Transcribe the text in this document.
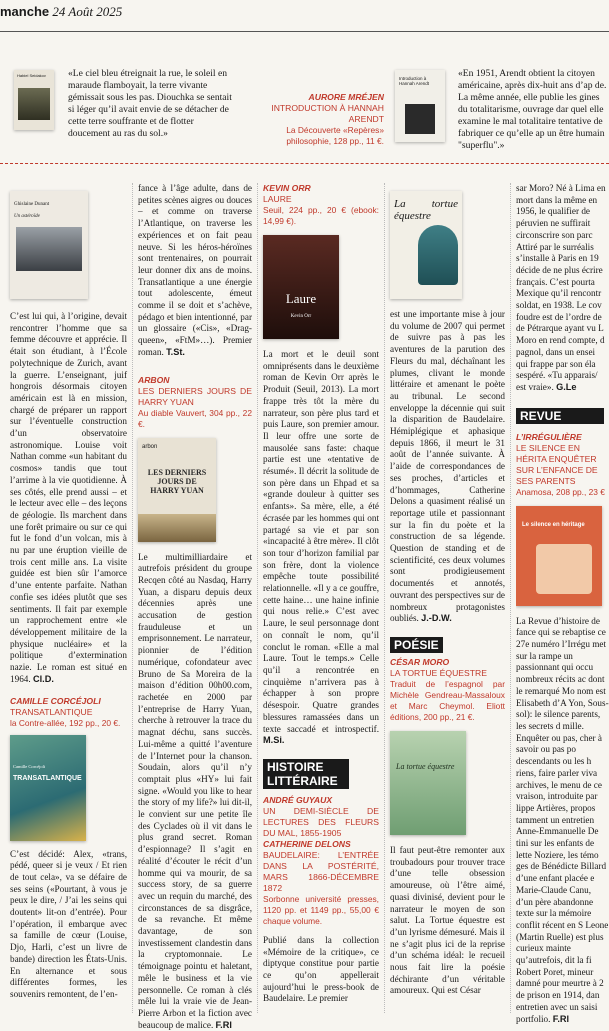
manche 24 Août 2025
Habiel Seidakov	«Le ciel bleu étreignait la rue, le soleil en maraude flamboyait, la terre vivante gémissait sous les pas. Diouchka se sentait si léger qu’il avait envie de se détacher de cette terre souffrante et de flotter doucement au ras du sol.»
AURORE MRÉJEN
INTRODUCTION À HANNAH ARENDT
La Découverte «Repères» philosophie, 128 pp., 11 €.
Introduction à Hannah Arendt
«En 1951, Arendt obtient la citoyen américaine, après dix-huit ans d’ap de. La même année, elle publie les gines du totalitarisme, ouvrage dar quel elle examine le mal totalitaire tentative de fabriquer ce qu’elle ap un être humain "superflu".»
Ghislaine Dunant
Un astéroïde

C’est lui qui, à l’origine, devait rencontrer l’homme que sa femme découvre et apprécie. Il était son étudiant, à l’École polytechnique de Zurich, avant la guerre. L’enseignant, juif hongrois désormais citoyen américain est là en mission, chargé de préparer un rapport sur l’éventuelle construction d’un observatoire astronomique. Louise voit Nathan comme «un habitant du cosmos» tandis que tout l’arrime à la vie quotidienne. À ses côtés, elle prend aussi – et le lecteur avec elle – des leçons de géologie. Ils marchent dans une forêt primaire ou sur ce qui fut le fond d’un volcan, mis à nu par une éruption vieille de trois cent mille ans. La visite guidée est bien sûr l’amorce d’une entente parfaite. Nathan confie ses idées plutôt que ses sentiments. Il fait par exemple un rapprochement entre «le développement militaire de la physique nucléaire» et la politique d’extermination nazie. Le roman est situé en 1964. Cl.D.

CAMILLE CORCÉJOLI
TRANSATLANTIQUE
la Contre-allée, 192 pp., 20 €.
TRANSATLANTIQUE
Camille Corcéjoli

C’est décidé: Alex, «trans, pédé, queer si je veux / Et rien de tout cela», va se défaire de ses seins («Pourtant, à vous je peux le dire, / J’ai les seins qui doutent» lit-on d’entrée). Pour l’opération, il embarque avec sa famille de cœur (Louise, Djo, Harli, c’est un livre de bande) direction les États-Unis. En alternance et sous différentes formes, les souvenirs remontent, de l’en-

fance à l’âge adulte, dans de petites scènes aigres ou douces – et comme on traverse l’Atlantique, on traverse les expériences et on fait peau neuve. Si les héros-héroïnes sont trentenaires, on pourrait leur donner dix ans de moins. Transatlantique a une énergie tout adolescente, émeut comme il se doit et s’achève, pédago et bien intentionné, par un glossaire («Cis», «Drag-queen», «FtM»…). Premier roman. T.St.

ARBON
LES DERNIERS JOURS DE HARRY YUAN
Au diable Vauvert, 304 pp., 22 €.
arbon
LES DERNIERS JOURS DE HARRY YUAN

Le multimilliardaire et autrefois président du groupe Recqen côté au Nasdaq, Harry Yuan, a disparu depuis deux décennies après une accusation de gestion frauduleuse et un emprisonnement. Le narrateur, pionnier de l’édition numérique, cofondateur avec Bruno de Sa Moreira de la maison d’édition 00h00.com, rachetée en 2000 par l’entreprise de Harry Yuan, cherche à retrouver la trace du magnat déchu, sans succès. Lui-même a quitté l’aventure de l’Internet pour la chanson. Soudain, alors qu’il n’y comptait plus «HY» lui fait signe. «Would you like to hear the story of my life?» lui dit-il, le convient sur une petite île des Cyclades où il vit dans le plus grand secret. Roman d’espionnage? Il s’agit en réalité d’écouter le récit d’un homme qui va mourir, de sa success story, de sa guerre avec un requin du marché, des circonstances de sa disgrâce, de sa revanche. Et même davantage, de son investissement clandestin dans la cryptomonnaie. Le témoignage pointu et haletant, mêle le business et la vie personnelle. Ce roman à clés mêle lui la vraie vie de Jean-Pierre Arbon et la fiction avec beaucoup de malice. F.Rl

KEVIN ORR
LAURE
Seuil, 224 pp., 20 € (ebook: 14,99 €).
Laure
Kevin Orr

La mort et le deuil sont omniprésents dans le deuxième roman de Kevin Orr après le Produit (Seuil, 2013). La mort frappe très tôt la mère du narrateur, son père plus tard et puis Laure, son premier amour. Il leur offre une sorte de mausolée sans faste: chaque partie est une «tentative de résumé». Il décrit la solitude de son père dans un Ehpad et sa «grande douleur à quitter ses enfants». Sa mère, elle, a été écrasée par les hommes qui ont partagé sa vie et par son «incapacité à être mère». Il clôt son tour d’horizon familial par son frère, dont la violence empêche toute possibilité relationnelle. «Il y a ce gouffre, cette haine… une haine infinie qui nous relie.» C’est avec Laure, le seul personnage dont on connaît le nom, qu’il conclut le roman. «Elle a mal Laure. Tout le temps.» Celle qu’il a rencontrée en cinquième n’arrivera pas à échapper à son propre désespoir. Quatre grandes blessures ramassées dans un texte saccadé et introspectif. M.Si.

HISTOIRE LITTÉRAIRE
ANDRÉ GUYAUX
UN DEMI-SIÈCLE DE LECTURES DES FLEURS DU MAL, 1855-1905
CATHERINE DELONS
BAUDELAIRE: L’ENTRÉE DANS LA POSTÉRITÉ, MARS 1866-DÉCEMBRE 1872
Sorbonne université presses, 1120 pp. et 1149 pp., 55,00 € chaque volume.

Publié dans la collection «Mémoire de la critique», ce diptyque constitue pour partie ce qu’on appellerait aujourd’hui le press-book de Baudelaire. Le premier

La tortue équestre

est une importante mise à jour du volume de 2007 qui permet de suivre pas à pas les aventures de la parution des Fleurs du mal, déchaînant les plumes, clivant le monde littéraire et amenant le poète au tribunal. Le second enveloppe la décennie qui suit la disparition de Baudelaire. Hémiplégique et aphasique depuis 1866, il meurt le 31 août de l’année suivante. À l’aide de correspondances de ses proches, d’articles et d’hommages, Catherine Delons a quasiment réalisé un reportage utile et passionnant sur la fin du poète et la construction de sa légende. Question de standing et de scientificité, ces deux volumes sont prodigieusement documentés et annotés, ouvrant des perspectives sur de nombreux protagonistes oubliés. J.-D.W.

POÉSIE
CÉSAR MORO
LA TORTUE ÉQUESTRE
Traduit de l’espagnol par Michèle Gendreau-Massaloux et Marc Cheymol. Eliott éditions, 200 pp., 21 €.
La tortue équestre

Il faut peut-être remonter aux troubadours pour trouver trace d’une telle obsession amoureuse, où l’être aimé, quasi divinisé, devient pour le narrateur le moyen de son salut. La Tortue équestre est d’un lyrisme démesuré. Mais il ne s’agit plus ici de la reprise d’un schéma idéal: le recueil nous fait lire la poésie déchirante d’un véritable amoureux. Qui est César

sar Moro? Né à Lima en mort dans la même en 1956, le qualifier de péruvien ne suffirait circonscrire son parc Attiré par le surréalis s’installe à Paris en 19 décide de ne plus écrire français. C’est pourta Mexique qu’il rencontr soldat, en 1938. Le cov foudre est de l’ordre de de Pétrarque ayant vu L Moro en rend compte, d pagnol, dans un ensei qui frappe par son éla sespéré. «Tu apparais/ est vraie». G.Le

REVUE
L’IRRÉGULIÈRE
LE SILENCE EN HÉRITA ENQUÊTER SUR L’ENFANCE DE SES PARENTS
Anamosa, 208 pp., 23 €
Le silence en héritage

La Revue d’histoire de fance qui se rebaptise ce 27e numéro l’Irrégu met sur la rampe un passionnant qui occu nombreux récits ac dont le remarqué Mo nom est Elisabeth d’A Yon, Sous-sol): le silence parents, les secrets d mille. Enquêter ou pas, cher à savoir ou pas po descendants ou les h riens, faire parler viva archives, le menu de ce vraison, introduite par lippe Artières, propos tamment un entretien Anne-Emmanuelle De tini sur les enfants de lette Noziere, les témo ges de Bénédicte Billard d’une enfant placée e Marie-Claude Canu, d’un père abandonne texte sur la mémoire conflit récent en S Leone (Martin Ruelle) est plus curieux mainte qu’autrefois, dit la fi Robert Poret, mineur damné pour meurtre à 2 de prison en 1914, dan entretien avec un saisi portfolio. F.Rl
